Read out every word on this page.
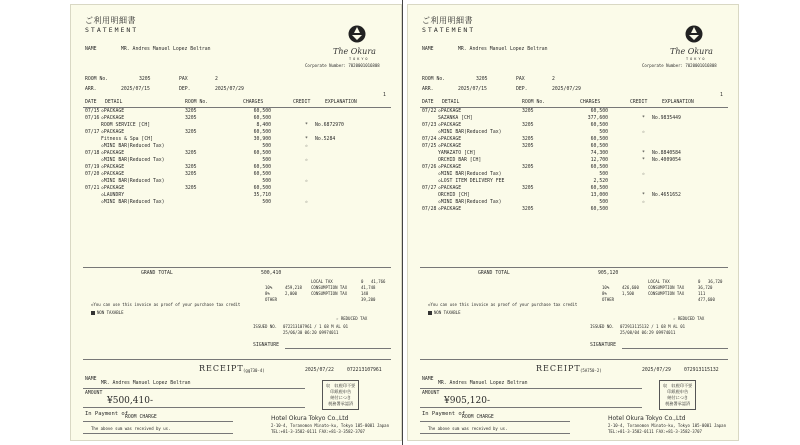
ご利用明細書
STATEMENT
The Okura
TOKYO
Corporate Number: 7020001016808
NAME	MR. Andres Manuel Lopez Beltran
ROOM No.	3205	PAX	2
ARR.	2025/07/15	DEP.	2025/07/29
1
DATE DETAIL	ROOM No.	CHARGES	CREDIT	EXPLANATION
07/15 ◇PACKAGE	3205	60,500
07/16 ◇PACKAGE	3205	60,500
ROOM SERVICE [CH]	8,400	* No.6872970
07/17 ◇PACKAGE	3205	60,500
Fitness & Spa [CH]	30,900	* No.5284
◇MINI BAR(Reduced Tax)	500	☆
07/18 ◇PACKAGE	3205	60,500
◇MINI BAR(Reduced Tax)	500	☆
07/19 ◇PACKAGE	3205	60,500
07/20 ◇PACKAGE	3205	60,500
◇MINI BAR(Reduced Tax)	500	☆
07/21 ◇PACKAGE	3205	60,500
◇LAUNDRY	35,710
◇MINI BAR(Reduced Tax)	500	☆
GRAND TOTAL	500,410
LOCAL TAX	0 41,766
10%	459,218 CONSUMPTION TAX	41,748
8%	2,000	CONSUMPTION TAX	148
OTHER	39,200
◇You can use this invoice as proof of your purchase tax credit
NON TAXABLE
☆ REDUCED TAX
ISSUED NO. 072213107961 / 1 68 M AL 01
25/06/30 06:20 09974011
SIGNATURE
RECEIPT (gg730-4)	2025/07/22	072213107961
NAME
MR. Andres Manuel Lopez Beltran
AMOUNT
¥500,410-
収　収税印不要
印紙税申告
納付につき
税務署承認済
In Payment of
ROOM CHARGE
The above sum was received by us.
Hotel Okura Tokyo Co.,Ltd
2-10-4, Toranomon Minato-ku, Tokyo 105-0001 Japan
TEL:+81-3-3582-0111 FAX:+81-3-3582-3707
ご利用明細書
STATEMENT
The Okura
TOKYO
Corporate Number: 7020001016808
NAME	MR. Andres Manuel Lopez Beltran
ROOM No.	3205	PAX	2
ARR.	2025/07/15	DEP.	2025/07/29
1
DATE DETAIL	ROOM No.	CHARGES	CREDIT	EXPLANATION
07/22 ◇PACKAGE	3205	60,500
SAZANKA [CH]	377,600	* No.9835449
07/23 ◇PACKAGE	3205	60,500
◇MINI BAR(Reduced Tax)	500	☆
07/24 ◇PACKAGE	3205	60,500
07/25 ◇PACKAGE	3205	60,500
YAMAZATO [CH]	74,300	* No.8840584
ORCHID BAR [CH]	12,700	* No.4009054
07/26 ◇PACKAGE	3205	60,500
◇MINI BAR(Reduced Tax)	500	☆
◇LOST ITEM DELIVERY FEE	2,520
07/27 ◇PACKAGE	3205	60,500
ORCHID [CH]	13,000	* No.4651652
◇MINI BAR(Reduced Tax)	500	☆
07/28 ◇PACKAGE	3205	60,500
GRAND TOTAL	905,120
LOCAL TAX	0 36,720
10%	426,600 CONSUMPTION TAX	36,720
8%	1,500	CONSUMPTION TAX	111
OTHER	477,600
◇You can use this invoice as proof of your purchase tax credit
NON TAXABLE
☆ REDUCED TAX
ISSUED NO. 072913115132 / 1 68 M AL 01
25/08/04 06:29 09974011
SIGNATURE
RECEIPT (5A750-2)	2025/07/29	072913115132
NAME
MR. Andres Manuel Lopez Beltran
AMOUNT
¥905,120-
収　収税印不要
印紙税申告
納付につき
税務署承認済
In Payment of
ROOM CHARGE
The above sum was received by us.
Hotel Okura Tokyo Co.,Ltd
2-10-4, Toranomon Minato-ku, Tokyo 105-0001 Japan
TEL:+81-3-3582-0111 FAX:+81-3-3582-3707
